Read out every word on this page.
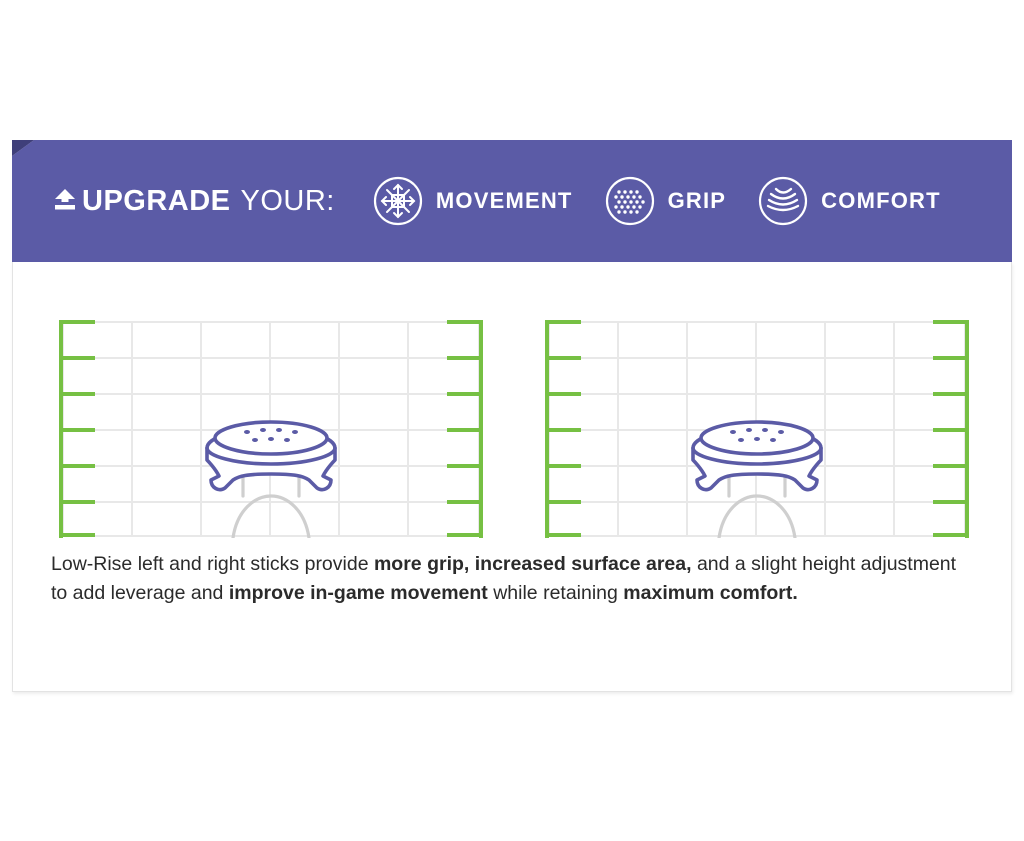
UPGRADE YOUR:	MOVEMENT	GRIP	COMFORT
Low-Rise left and right sticks provide more grip, increased surface area, and a slight height adjustment to add leverage and improve in-game movement while retaining maximum comfort.
